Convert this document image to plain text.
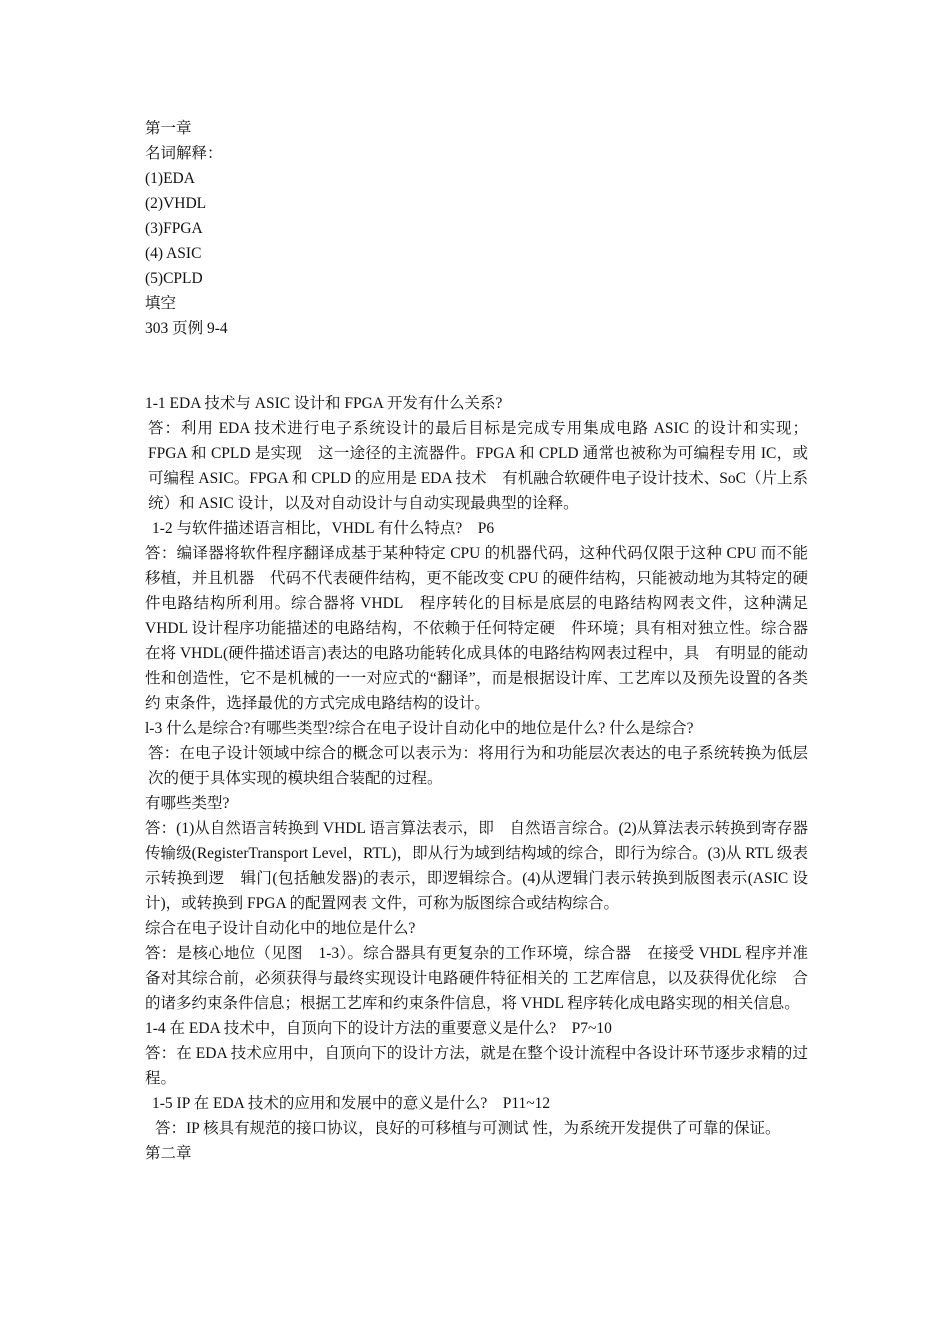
第一章
名词解释：
(1)EDA
(2)VHDL
(3)FPGA
(4) ASIC
(5)CPLD
填空
303 页例 9-4
1-1 EDA 技术与 ASIC 设计和 FPGA 开发有什么关系?
答：利用 EDA 技术进行电子系统设计的最后目标是完成专用集成电路 ASIC 的设计和实现；FPGA 和 CPLD 是实现　这一途径的主流器件。FPGA 和 CPLD 通常也被称为可编程专用 IC，或可编程 ASIC。FPGA 和 CPLD 的应用是 EDA 技术　有机融合软硬件电子设计技术、SoC（片上系统）和 ASIC 设计，以及对自动设计与自动实现最典型的诠释。
1-2 与软件描述语言相比，VHDL 有什么特点?　P6
答：编译器将软件程序翻译成基于某种特定 CPU 的机器代码，这种代码仅限于这种 CPU 而不能移植，并且机器　代码不代表硬件结构，更不能改变 CPU 的硬件结构，只能被动地为其特定的硬件电路结构所利用。综合器将 VHDL　程序转化的目标是底层的电路结构网表文件，这种满足 VHDL 设计程序功能描述的电路结构，不依赖于任何特定硬　件环境；具有相对独立性。综合器在将 VHDL(硬件描述语言)表达的电路功能转化成具体的电路结构网表过程中，具　有明显的能动性和创造性，它不是机械的一一对应式的“翻译”，而是根据设计库、工艺库以及预先设置的各类约 束条件，选择最优的方式完成电路结构的设计。
l-3 什么是综合?有哪些类型?综合在电子设计自动化中的地位是什么? 什么是综合?
答：在电子设计领域中综合的概念可以表示为：将用行为和功能层次表达的电子系统转换为低层 次的便于具体实现的模块组合装配的过程。
有哪些类型?
答：(1)从自然语言转换到 VHDL 语言算法表示，即　自然语言综合。(2)从算法表示转换到寄存器　传输级(RegisterTransport Level，RTL)，即从行为域到结构域的综合，即行为综合。(3)从 RTL 级表示转换到逻　辑门(包括触发器)的表示，即逻辑综合。(4)从逻辑门表示转换到版图表示(ASIC 设计)，或转换到 FPGA 的配置网表 文件，可称为版图综合或结构综合。
综合在电子设计自动化中的地位是什么?
答：是核心地位（见图　1-3）。综合器具有更复杂的工作环境，综合器　在接受 VHDL 程序并准备对其综合前，必须获得与最终实现设计电路硬件特征相关的 工艺库信息，以及获得优化综　合的诸多约束条件信息；根据工艺库和约束条件信息，将 VHDL 程序转化成电路实现的相关信息。
1-4 在 EDA 技术中，自顶向下的设计方法的重要意义是什么?　P7~10
答：在 EDA 技术应用中，自顶向下的设计方法，就是在整个设计流程中各设计环节逐步求精的过程。
1-5 IP 在 EDA 技术的应用和发展中的意义是什么?　P11~12
答：IP 核具有规范的接口协议，良好的可移植与可测试 性，为系统开发提供了可靠的保证。
第二章
